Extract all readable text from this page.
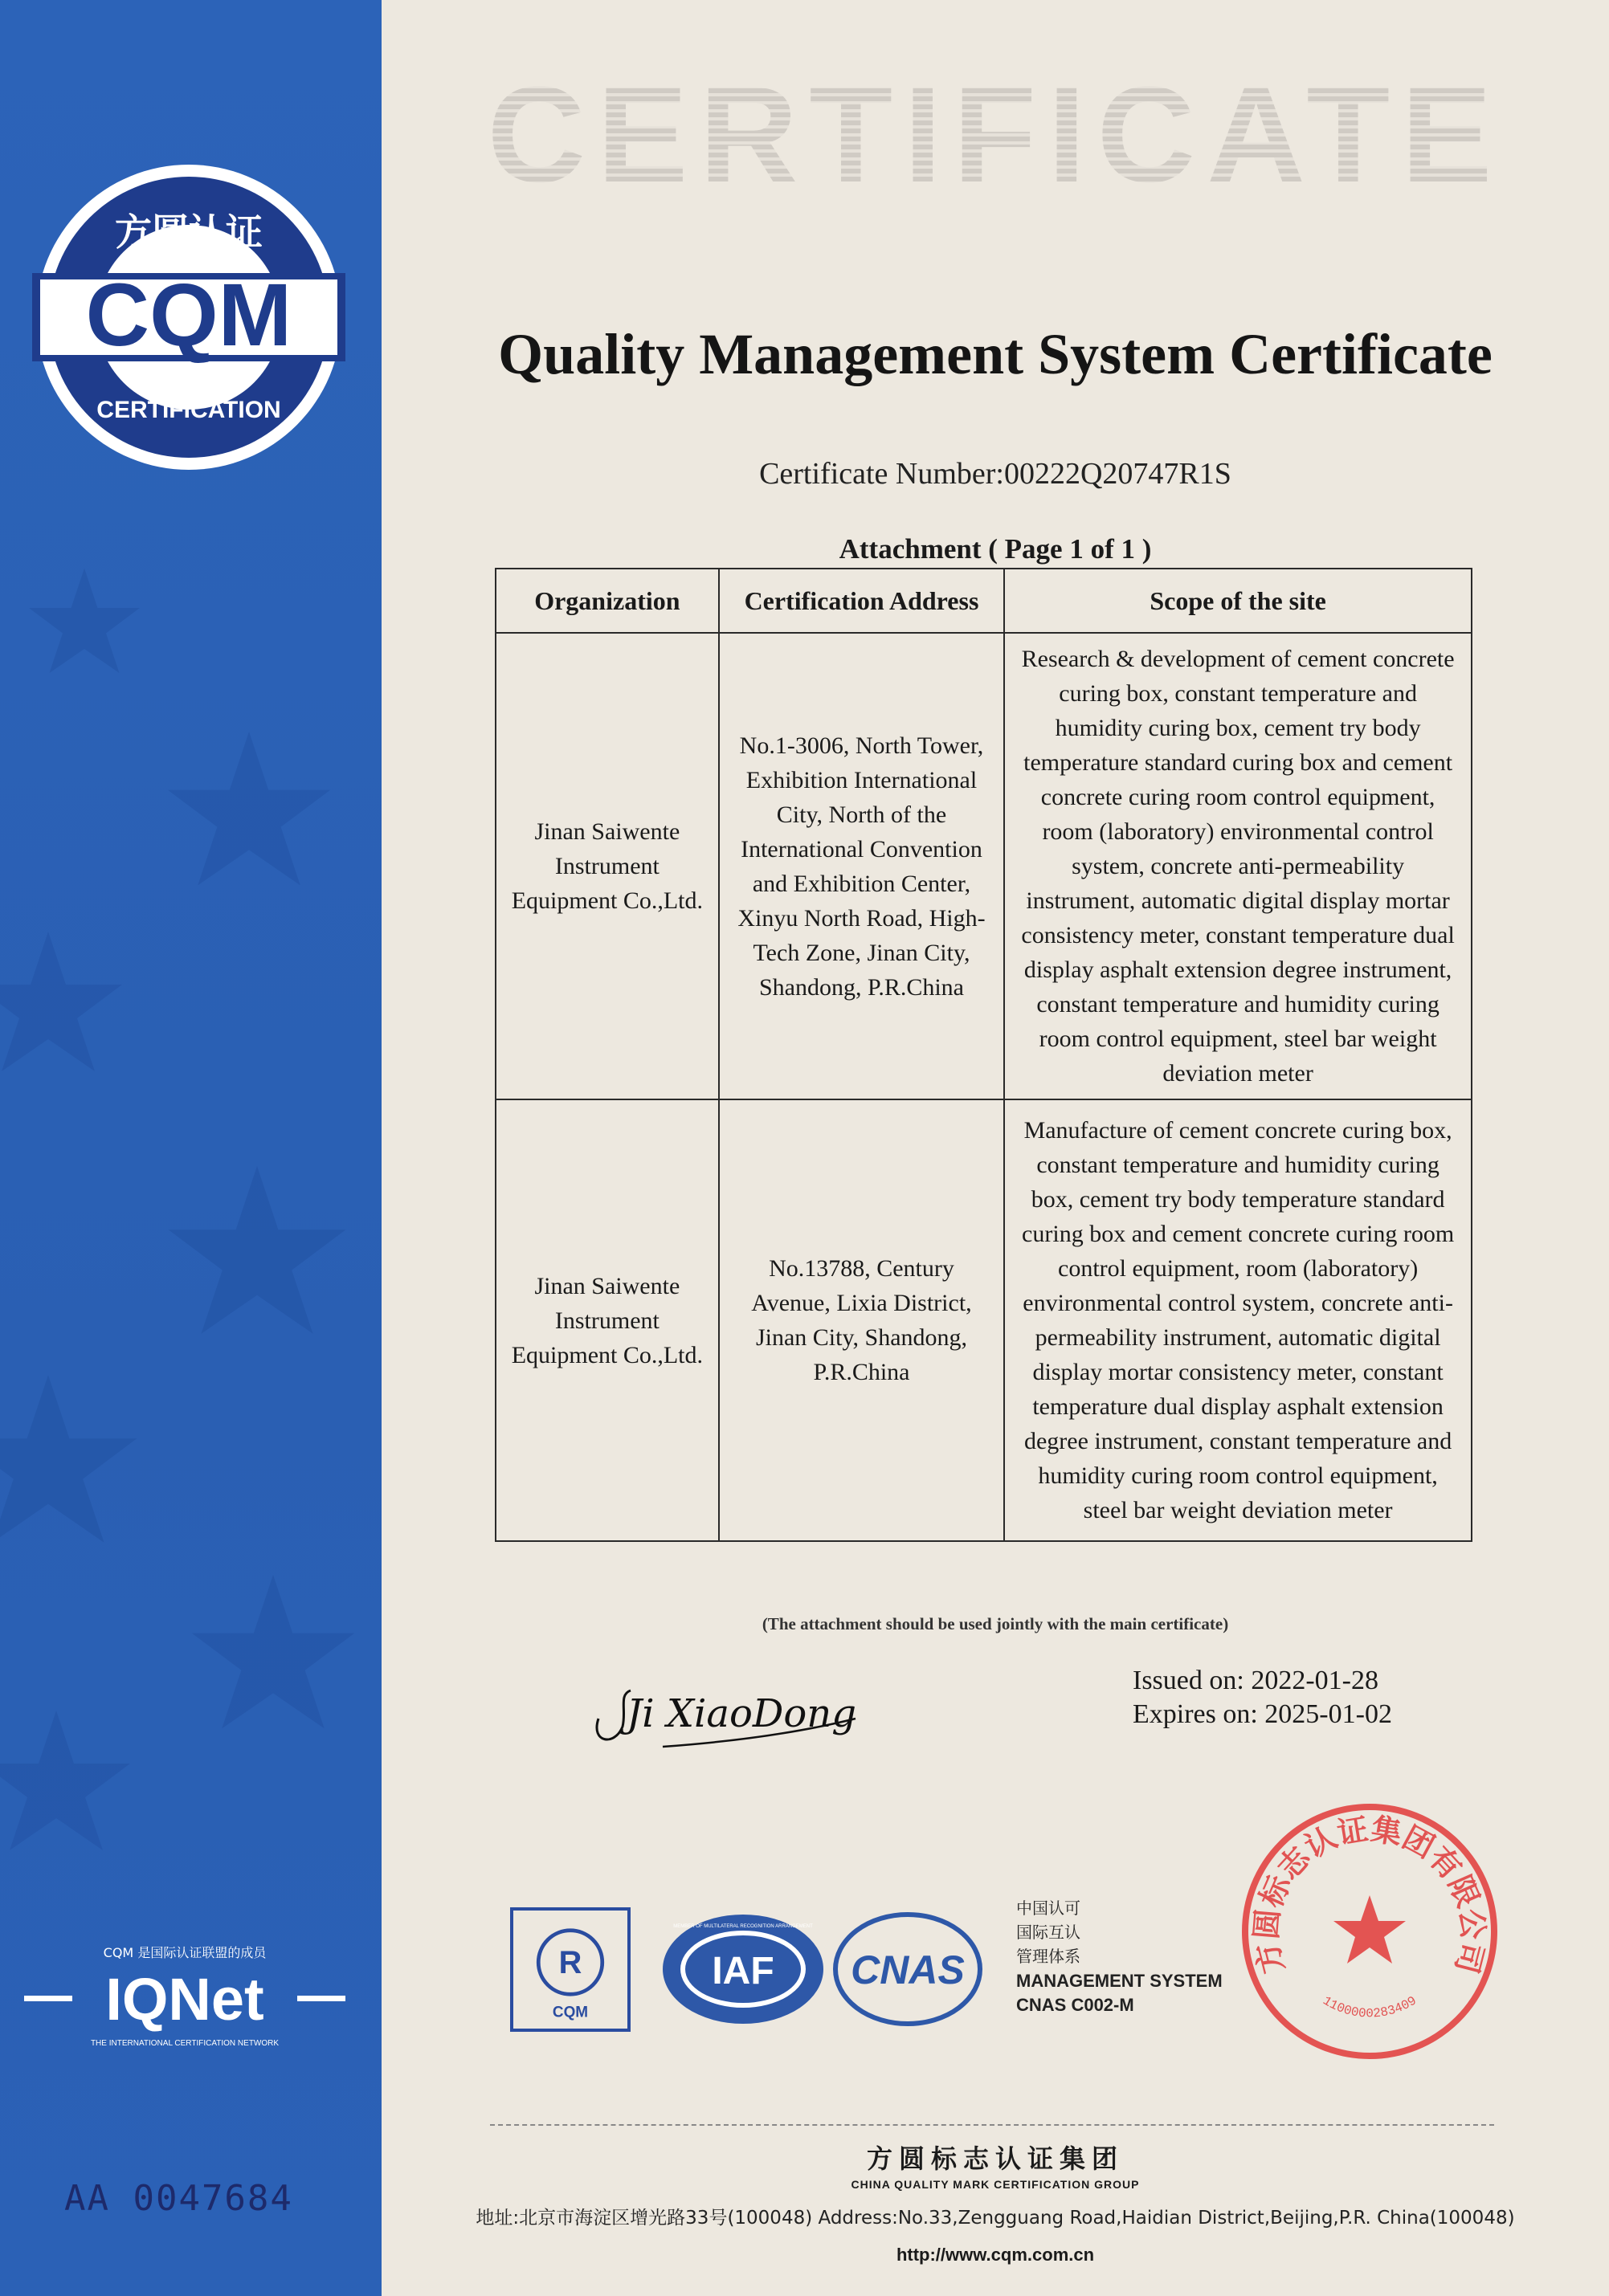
方圆认证
CQM
CERTIFICATION
CQM 是国际认证联盟的成员
IQNet
THE INTERNATIONAL CERTIFICATION NETWORK
AA 0047684
CERTIFICATE
Quality Management System Certificate
Certificate Number:00222Q20747R1S
Attachment ( Page 1 of 1 )
Organization	Certification Address	Scope of the site
Jinan Saiwente Instrument Equipment Co.,Ltd.	No.1-3006, North Tower, Exhibition International City, North of the International Convention and Exhibition Center, Xinyu North Road, High-Tech Zone, Jinan City, Shandong, P.R.China	Research & development of cement concrete curing box, constant temperature and humidity curing box, cement try body temperature standard curing box and cement concrete curing room control equipment, room (laboratory) environmental control system, concrete anti-permeability instrument, automatic digital display mortar consistency meter, constant temperature dual display asphalt extension degree instrument, constant temperature and humidity curing room control equipment, steel bar weight deviation meter
Jinan Saiwente Instrument Equipment Co.,Ltd.	No.13788, Century Avenue, Lixia District, Jinan City, Shandong, P.R.China	Manufacture of cement concrete curing box, constant temperature and humidity curing box, cement try body temperature standard curing box and cement concrete curing room control equipment, room (laboratory) environmental control system, concrete anti-permeability instrument, automatic digital display mortar consistency meter, constant temperature dual display asphalt extension degree instrument, constant temperature and humidity curing room control equipment, steel bar weight deviation meter
(The attachment should be used jointly with the main certificate)
Ji XiaoDong
Issued on: 2022-01-28
Expires on: 2025-01-02
R
CQM
IAF
MEMBER OF MULTILATERAL RECOGNITION ARRANGEMENT
CNAS
中国认可
国际互认
管理体系
MANAGEMENT SYSTEM
CNAS C002-M
方圆标志认证集团有限公司
1100000283409
方圆标志认证集团
CHINA QUALITY MARK CERTIFICATION GROUP
地址:北京市海淀区增光路33号(100048) Address:No.33,Zengguang Road,Haidian District,Beijing,P.R. China(100048)
http://www.cqm.com.cn
